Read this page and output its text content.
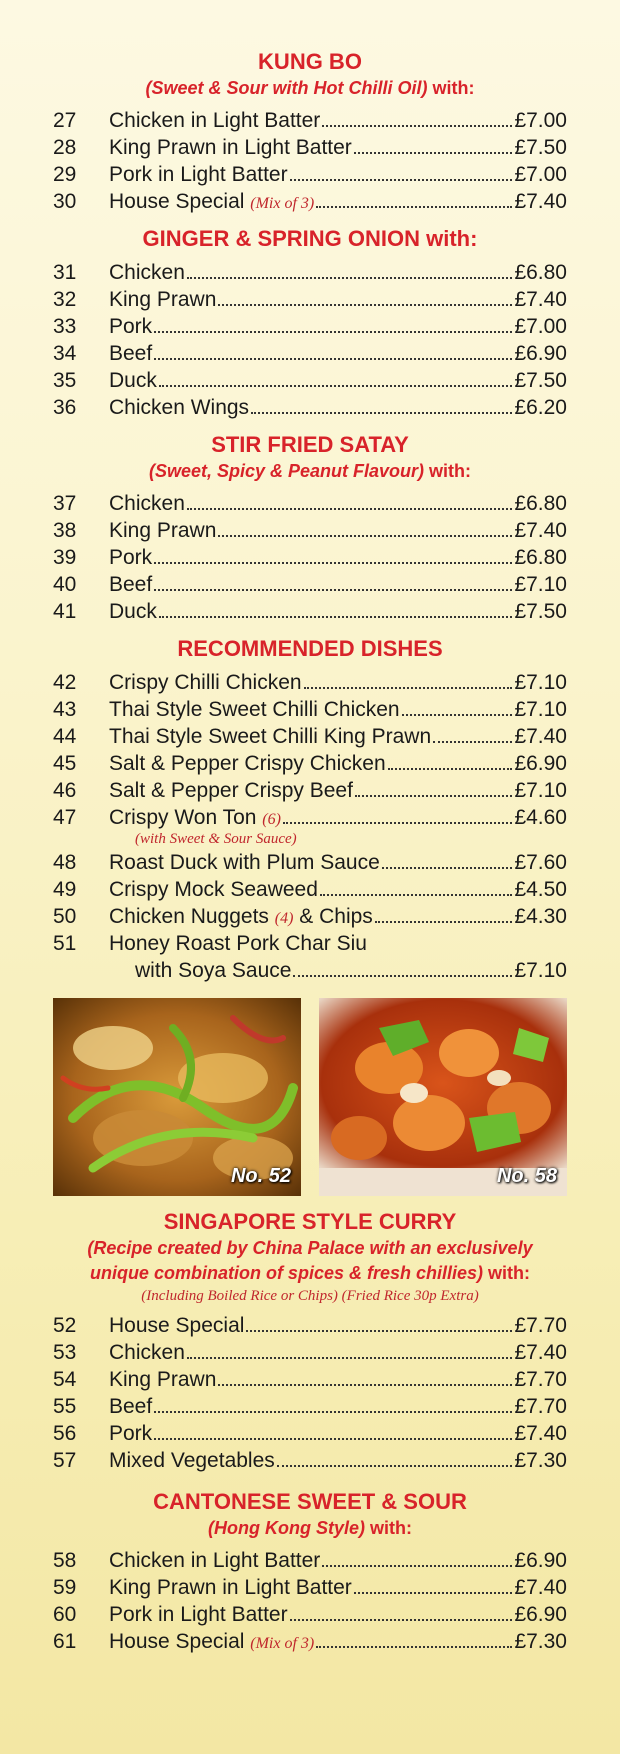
KUNG BO
(Sweet & Sour with Hot Chilli Oil) with:
27	Chicken in Light Batter	£7.00
28	King Prawn in Light Batter	£7.50
29	Pork in Light Batter	£7.00
30	House Special (Mix of 3)	£7.40
GINGER & SPRING ONION with:
31	Chicken	£6.80
32	King Prawn	£7.40
33	Pork	£7.00
34	Beef	£6.90
35	Duck	£7.50
36	Chicken Wings	£6.20
STIR FRIED SATAY
(Sweet, Spicy & Peanut Flavour) with:
37	Chicken	£6.80
38	King Prawn	£7.40
39	Pork	£6.80
40	Beef	£7.10
41	Duck	£7.50
RECOMMENDED DISHES
42	Crispy Chilli Chicken	£7.10
43	Thai Style Sweet Chilli Chicken	£7.10
44	Thai Style Sweet Chilli King Prawn	£7.40
45	Salt & Pepper Crispy Chicken	£6.90
46	Salt & Pepper Crispy Beef	£7.10
47	Crispy Won Ton (6)	£4.60
(with Sweet & Sour Sauce)
48	Roast Duck with Plum Sauce	£7.60
49	Crispy Mock Seaweed	£4.50
50	Chicken Nuggets (4) & Chips	£4.30
51	Honey Roast Pork Char Siu
with Soya Sauce	£7.10
No. 52	No. 58
SINGAPORE STYLE CURRY
(Recipe created by China Palace with an exclusively
unique combination of spices & fresh chillies) with:
(Including Boiled Rice or Chips) (Fried Rice 30p Extra)
52	House Special	£7.70
53	Chicken	£7.40
54	King Prawn	£7.70
55	Beef	£7.70
56	Pork	£7.40
57	Mixed Vegetables	£7.30
CANTONESE SWEET & SOUR
(Hong Kong Style) with:
58	Chicken in Light Batter	£6.90
59	King Prawn in Light Batter	£7.40
60	Pork in Light Batter	£6.90
61	House Special (Mix of 3)	£7.30
